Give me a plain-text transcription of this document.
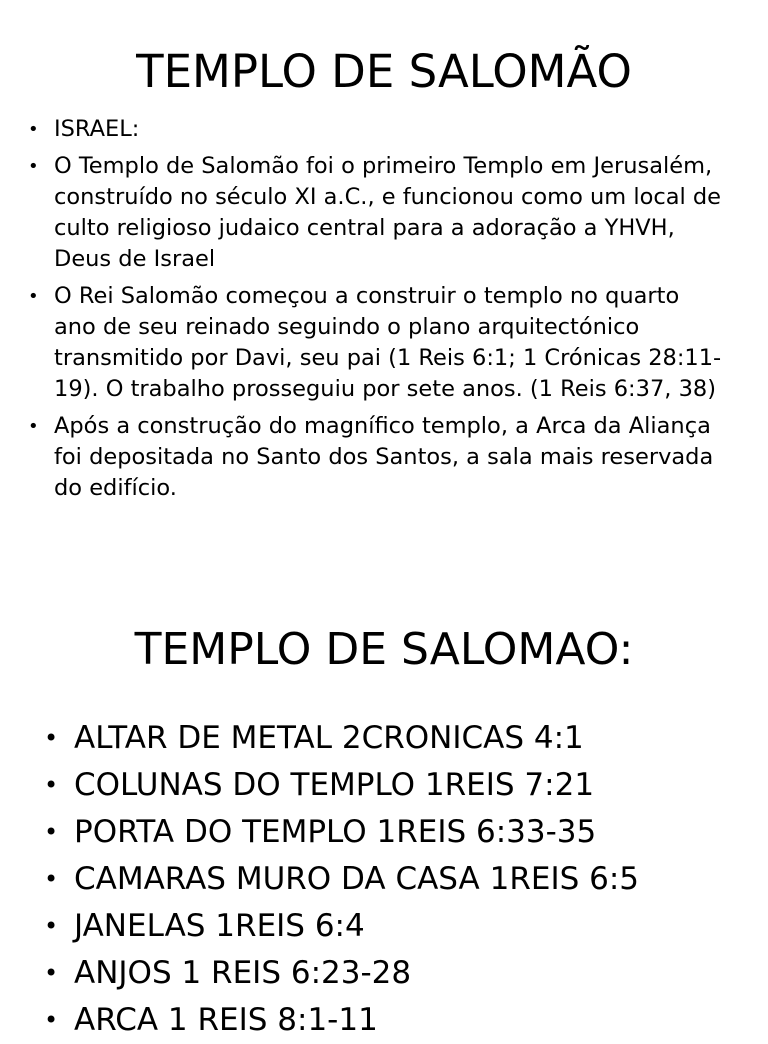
TEMPLO DE SALOMÃO
• ISRAEL:
• O Templo de Salomão foi o primeiro Templo em Jerusalém, construído no século XI a.C., e funcionou como um local de culto religioso judaico central para a adoração a YHVH, Deus de Israel
• O Rei Salomão começou a construir o templo no quarto ano de seu reinado seguindo o plano arquitectónico transmitido por Davi, seu pai (1 Reis 6:1; 1 Crónicas 28:11-19). O trabalho prosseguiu por sete anos. (1 Reis 6:37, 38)
• Após a construção do magnífico templo, a Arca da Aliança foi depositada no Santo dos Santos, a sala mais reservada do edifício.
TEMPLO DE SALOMAO:
• ALTAR DE METAL 2CRONICAS 4:1
• COLUNAS DO TEMPLO 1REIS 7:21
• PORTA DO TEMPLO 1REIS 6:33-35
• CAMARAS MURO DA CASA 1REIS 6:5
• JANELAS 1REIS 6:4
• ANJOS 1 REIS 6:23-28
• ARCA 1 REIS 8:1-11
